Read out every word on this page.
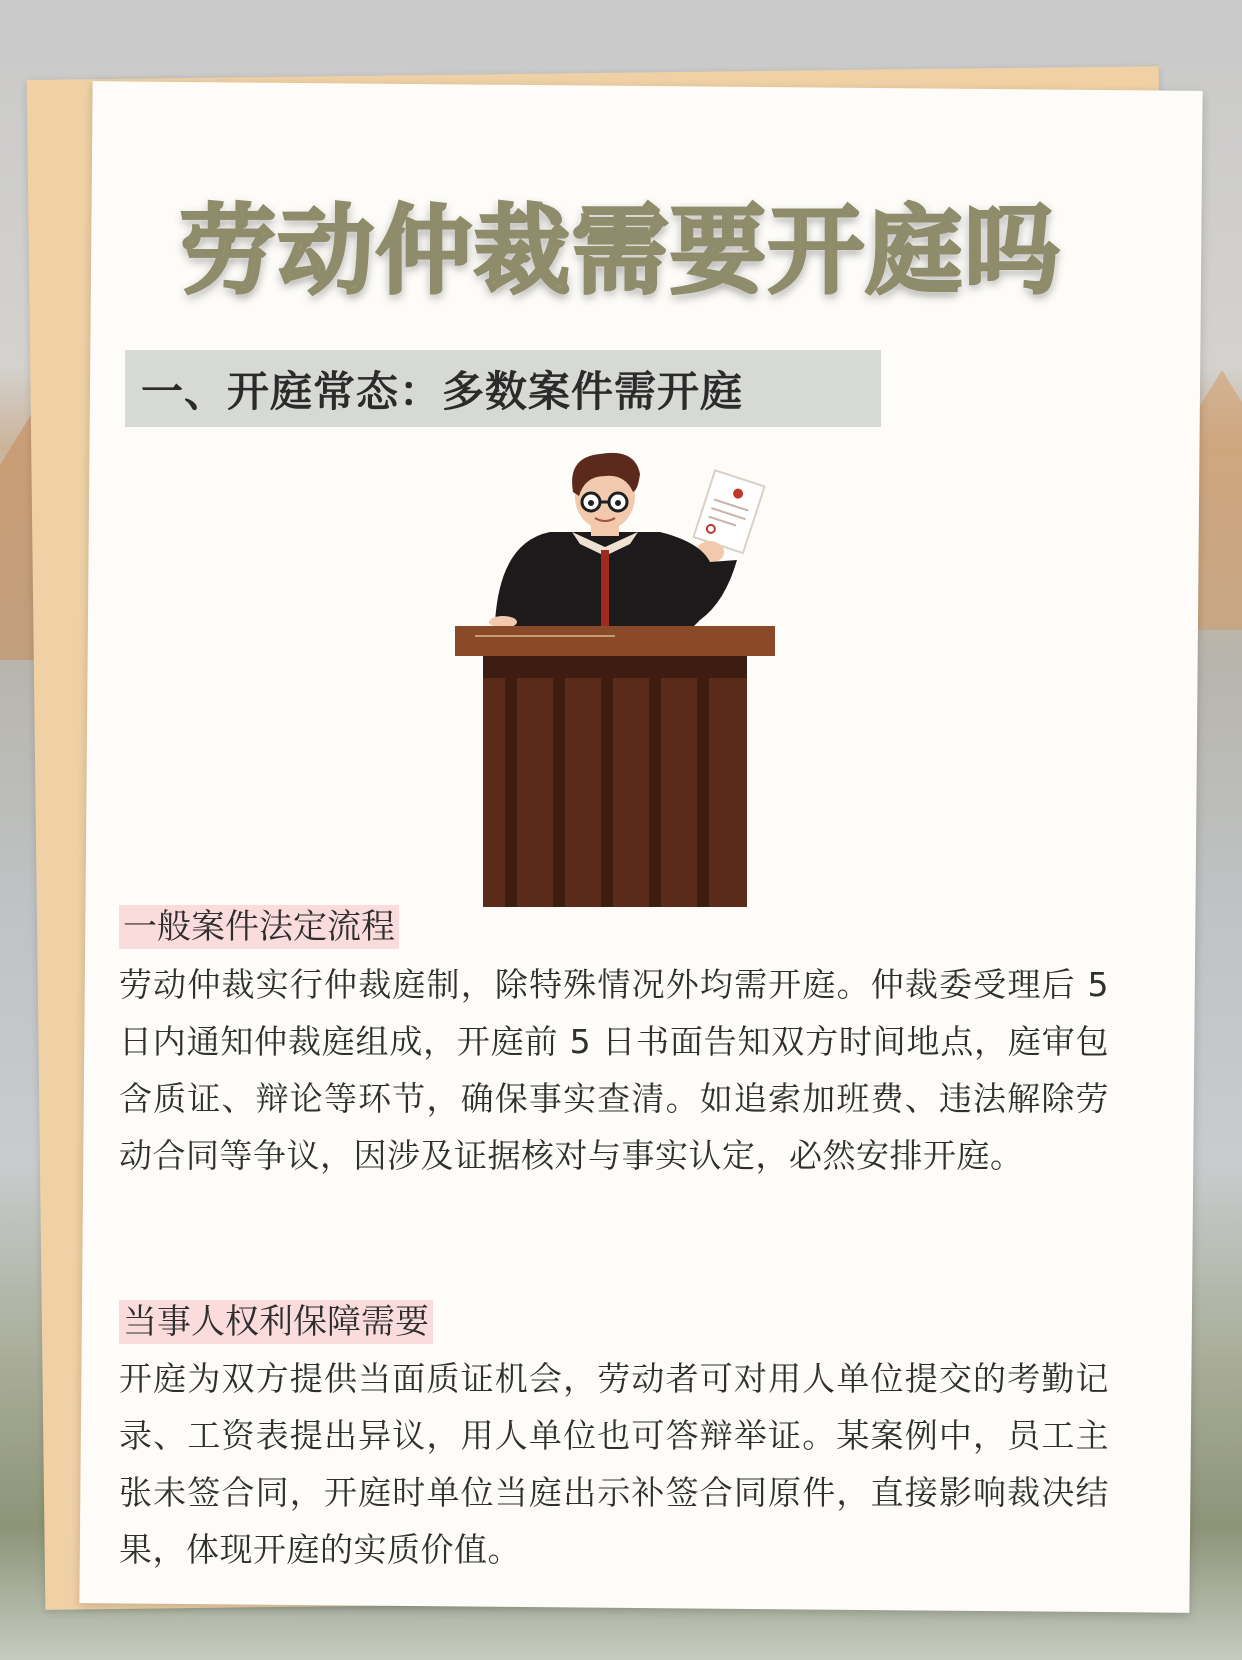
劳动仲裁需要开庭吗
一、开庭常态：多数案件需开庭
一般案件法定流程

劳动仲裁实行仲裁庭制，除特殊情况外均需开庭。仲裁委受理后 5 日内通知仲裁庭组成，开庭前 5 日书面告知双方时间地点，庭审包含质证、辩论等环节，确保事实查清。如追索加班费、违法解除劳动合同等争议，因涉及证据核对与事实认定，必然安排开庭。

当事人权利保障需要

开庭为双方提供当面质证机会，劳动者可对用人单位提交的考勤记录、工资表提出异议，用人单位也可答辩举证。某案例中，员工主张未签合同，开庭时单位当庭出示补签合同原件，直接影响裁决结果，体现开庭的实质价值。
